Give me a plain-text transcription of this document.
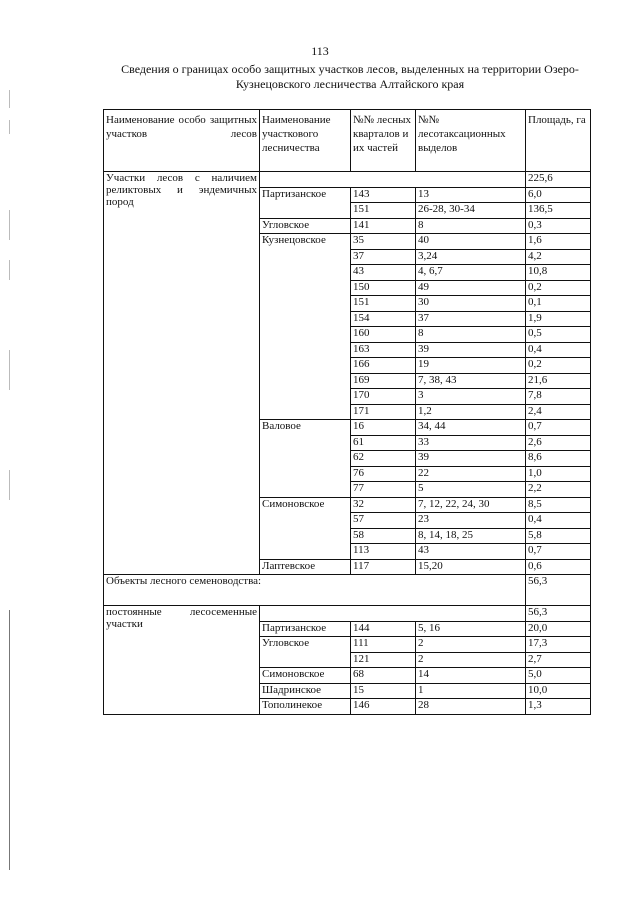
113
Сведения о границах особо защитных участков лесов, выделенных на территории Озеро-
Кузнецовского лесничества Алтайского края
Наименование особо защитных участков лесов	Наименование участкового лесничества	№№ лесных кварталов и их частей	№№ лесотаксационных выделов	Площадь, га
Участки лесов с наличием реликтовых и эндемичных пород				225,6
	Партизанское	143	13	6,0
		151	26-28, 30-34	136,5
	Угловское	141	8	0,3
	Кузнецовское	35	40	1,6
		37	3,24	4,2
		43	4, 6,7	10,8
		150	49	0,2
		151	30	0,1
		154	37	1,9
		160	8	0,5
		163	39	0,4
		166	19	0,2
		169	7, 38, 43	21,6
		170	3	7,8
		171	1,2	2,4
	Валовое	16	34, 44	0,7
		61	33	2,6
		62	39	8,6
		76	22	1,0
		77	5	2,2
	Симоновское	32	7, 12, 22, 24, 30	8,5
		57	23	0,4
		58	8, 14, 18, 25	5,8
		113	43	0,7
	Лаптевское	117	15,20	0,6
Объекты лесного семеноводства:				56,3
постоянные лесосеменные участки				56,3
	Партизанское	144	5, 16	20,0
	Угловское	111	2	17,3
		121	2	2,7
	Симоновское	68	14	5,0
	Шадринское	15	1	10,0
	Тополинекое	146	28	1,3
